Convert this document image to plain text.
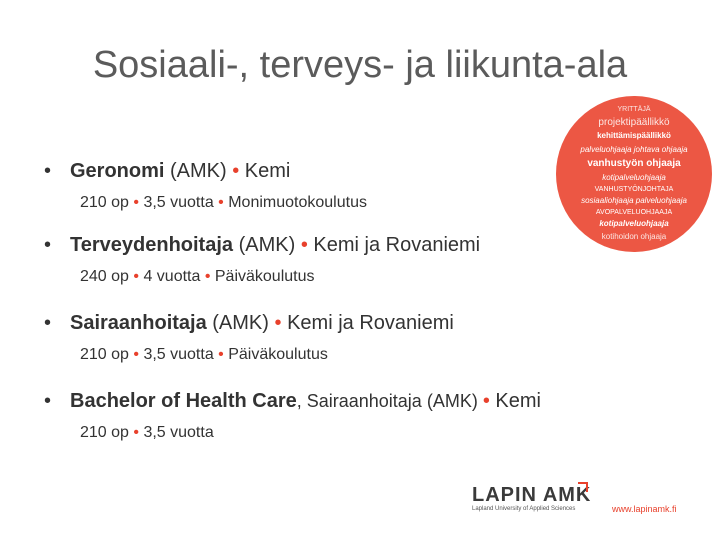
Sosiaali-, terveys- ja liikunta-ala
• Geronomi (AMK) • Kemi
210 op • 3,5 vuotta • Monimuotokoulutus
• Terveydenhoitaja (AMK) • Kemi ja Rovaniemi
240 op • 4 vuotta • Päiväkoulutus
• Sairaanhoitaja (AMK) • Kemi ja Rovaniemi
210 op • 3,5 vuotta • Päiväkoulutus
• Bachelor of Health Care, Sairaanhoitaja (AMK) • Kemi
210 op • 3,5 vuotta
YRITTÄJÄ
projektipäällikkö
kehittämispäällikkö
palveluohjaaja johtava ohjaaja
vanhustyön ohjaaja
kotipalveluohjaaja
VANHUSTYÖNJOHTAJA
sosiaaliohjaaja palveluohjaaja
AVOPALVELUOHJAAJA
kotipalveluohjaaja
kotihoidon ohjaaja
LAPIN AMK
Lapland University of Applied Sciences	www.lapinamk.fi
